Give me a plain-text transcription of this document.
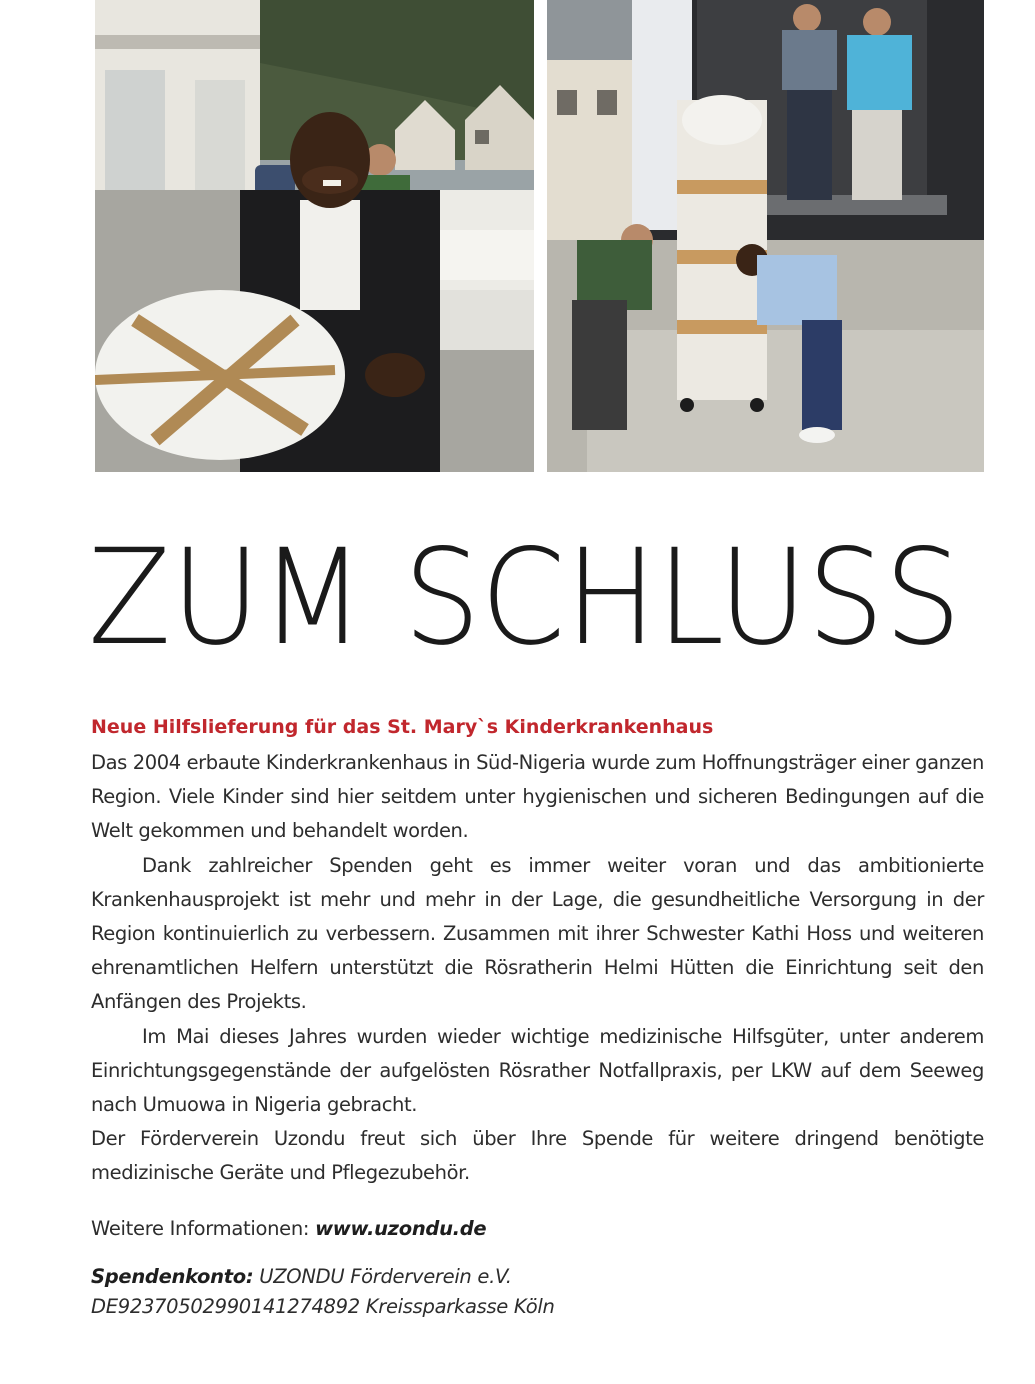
ZUM SCHLUSS
Neue Hilfslieferung für das St. Mary`s Kinderkrankenhaus

Das 2004 erbaute Kinderkrankenhaus in Süd-Nigeria wurde zum Hoffnungsträger einer ganzen Region. Viele Kinder sind hier seitdem unter hygienischen und sicheren Bedingungen auf die Welt gekommen und behandelt worden.

Dank zahlreicher Spenden geht es immer weiter voran und das ambitionierte Krankenhausprojekt ist mehr und mehr in der Lage, die gesundheitliche Versorgung in der Region kontinuierlich zu verbessern. Zusammen mit ihrer Schwester Kathi Hoss und weiteren ehrenamtlichen Helfern unterstützt die Rösratherin Helmi Hütten die Einrichtung seit den Anfängen des Projekts.

Im Mai dieses Jahres wurden wieder wichtige medizinische Hilfsgüter, unter anderem Einrichtungsgegenstände der aufgelösten Rösrather Notfallpraxis, per LKW auf dem Seeweg nach Umuowa in Nigeria gebracht.

Der Förderverein Uzondu freut sich über Ihre Spende für weitere dringend benötigte medizinische Geräte und Pflegezubehör.

Weitere Informationen: www.uzondu.de
Spendenkonto: UZONDU Förderverein e.V.
DE92370502990141274892 Kreissparkasse Köln
